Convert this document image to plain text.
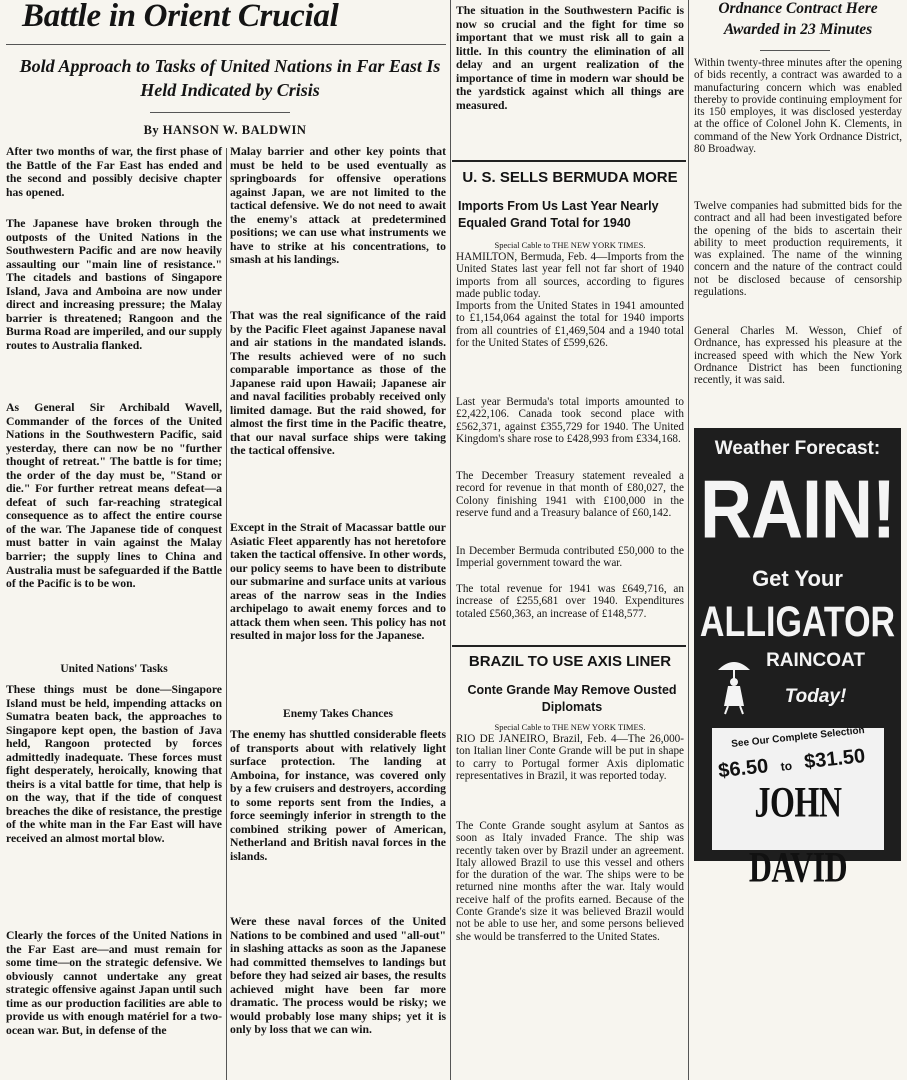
Battle in Orient Crucial
Bold Approach to Tasks of United Nations in Far East Is Held Indicated by Crisis

By HANSON W. BALDWIN

After two months of war, the first phase of the Battle of the Far East has ended and the second and possibly decisive chapter has opened.

The Japanese have broken through the outposts of the United Nations in the Southwestern Pacific and are now heavily assaulting our "main line of resistance." The citadels and bastions of Singapore Island, Java and Amboina are now under direct and increasing pressure; the Malay barrier is threatened; Rangoon and the Burma Road are imperiled, and our supply routes to Australia flanked.

As General Sir Archibald Wavell, Commander of the forces of the United Nations in the Southwestern Pacific, said yesterday, there can now be no "further thought of retreat." The battle is for time; the order of the day must be, "Stand or die." For further retreat means defeat—a defeat of such far-reaching strategical consequence as to affect the entire course of the war. The Japanese tide of conquest must batter in vain against the Malay barrier; the supply lines to China and Australia must be safeguarded if the Battle of the Pacific is to be won.

United Nations' Tasks

These things must be done—Singapore Island must be held, impending attacks on Sumatra beaten back, the approaches to Singapore kept open, the bastion of Java held, Rangoon protected by forces admittedly inadequate. These forces must fight desperately, heroically, knowing that theirs is a vital battle for time, that help is on the way, that if the tide of conquest breaches the dike of resistance, the prestige of the white man in the Far East will have received an almost mortal blow.

Clearly the forces of the United Nations in the Far East are—and must remain for some time—on the strategic defensive. We obviously cannot undertake any great strategic offensive against Japan until such time as our production facilities are able to provide us with enough matériel for a two-ocean war. But, in defense of the

Malay barrier and other key points that must be held to be used eventually as springboards for offensive operations against Japan, we are not limited to the tactical defensive. We do not need to await the enemy's attack at predetermined positions; we can use what instruments we have to strike at his concentrations, to smash at his landings.

That was the real significance of the raid by the Pacific Fleet against Japanese naval and air stations in the mandated islands. The results achieved were of no such comparable importance as those of the Japanese raid upon Hawaii; Japanese air and naval facilities probably received only limited damage. But the raid showed, for almost the first time in the Pacific theatre, that our naval surface ships were taking the tactical offensive.

Except in the Strait of Macassar battle our Asiatic Fleet apparently has not heretofore taken the tactical offensive. In other words, our policy seems to have been to distribute our submarine and surface units at various areas of the narrow seas in the Indies archipelago to await enemy forces and to attack them when seen. This policy has not resulted in major loss for the Japanese.

Enemy Takes Chances

The enemy has shuttled considerable fleets of transports about with relatively light surface protection. The landing at Amboina, for instance, was covered only by a few cruisers and destroyers, according to some reports sent from the Indies, a force seemingly inferior in strength to the combined striking power of American, Netherland and British naval forces in the islands.

Were these naval forces of the United Nations to be combined and used "all-out" in slashing attacks as soon as the Japanese had committed themselves to landings but before they had seized air bases, the results achieved might have been far more dramatic. The process would be risky; we would probably lose many ships; yet it is only by loss that we can win.

The situation in the Southwestern Pacific is now so crucial and the fight for time so important that we must risk all to gain a little. In this country the elimination of all delay and an urgent realization of the importance of time in modern war should be the yardstick against which all things are measured.

U. S. SELLS BERMUDA MORE
Imports From Us Last Year Nearly Equaled Grand Total for 1940

Special Cable to THE NEW YORK TIMES.

HAMILTON, Bermuda, Feb. 4—Imports from the United States last year fell not far short of 1940 imports from all sources, according to figures made public today.

Imports from the United States in 1941 amounted to £1,154,064 against the total for 1940 imports from all countries of £1,469,504 and a 1940 total for the United States of £599,626.

Last year Bermuda's total imports amounted to £2,422,106. Canada took second place with £562,371, against £355,729 for 1940. The United Kingdom's share rose to £428,993 from £334,168.

The December Treasury statement revealed a record for revenue in that month of £80,027, the Colony finishing 1941 with £100,000 in the reserve fund and a Treasury balance of £60,142.

In December Bermuda contributed £50,000 to the Imperial government toward the war.

The total revenue for 1941 was £649,716, an increase of £255,681 over 1940. Expenditures totaled £560,363, an increase of £148,577.

BRAZIL TO USE AXIS LINER
Conte Grande May Remove Ousted Diplomats

Special Cable to THE NEW YORK TIMES.

RIO DE JANEIRO, Brazil, Feb. 4—The 26,000-ton Italian liner Conte Grande will be put in shape to carry to Portugal former Axis diplomatic representatives in Brazil, it was reported today.

The Conte Grande sought asylum at Santos as soon as Italy invaded France. The ship was recently taken over by Brazil under an agreement. Italy allowed Brazil to use this vessel and others for the duration of the war. The ships were to be returned nine months after the war. Italy would receive half of the profits earned. Because of the Conte Grande's size it was believed Brazil would not be able to use her, and some persons believed she would be transferred to the United States.

Ordnance Contract Here Awarded in 23 Minutes

Within twenty-three minutes after the opening of bids recently, a contract was awarded to a manufacturing concern which was enabled thereby to provide continuing employment for its 150 employes, it was disclosed yesterday at the office of Colonel John K. Clements, in command of the New York Ordnance District, 80 Broadway.

Twelve companies had submitted bids for the contract and all had been investigated before the opening of the bids to ascertain their ability to meet production requirements, it was explained. The name of the winning concern and the nature of the contract could not be disclosed because of censorship regulations.

General Charles M. Wesson, Chief of Ordnance, has expressed his pleasure at the increased speed with which the New York Ordnance District has been functioning recently, it was said.

Weather Forecast:

RAIN!

Get Your

ALLIGATOR

RAINCOAT

Today!

See Our Complete Selection

$6.50 to $31.50

JOHN DAVID
